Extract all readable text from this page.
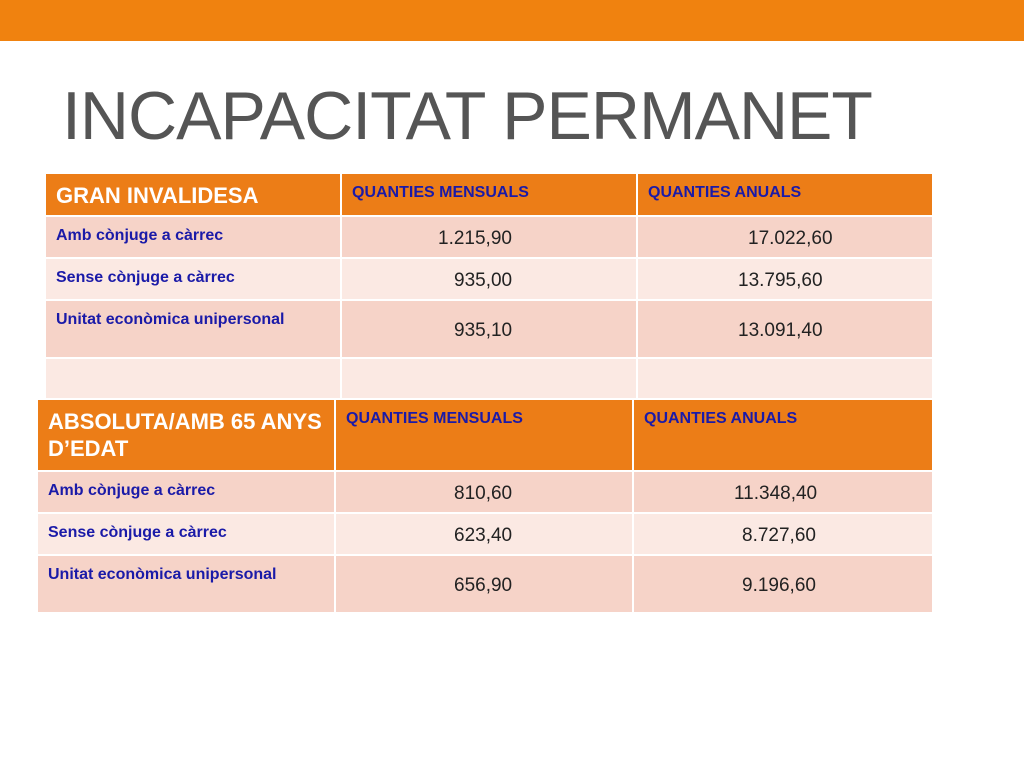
INCAPACITAT PERMANET
GRAN INVALIDESA	QUANTIES MENSUALS	QUANTIES ANUALS
Amb cònjuge a càrrec	1.215,90	17.022,60
Sense cònjuge a càrrec	935,00	13.795,60
Unitat econòmica unipersonal	935,10	13.091,40

ABSOLUTA/AMB 65 ANYS D’EDAT	QUANTIES MENSUALS	QUANTIES ANUALS
Amb cònjuge a càrrec	810,60	11.348,40
Sense cònjuge a càrrec	623,40	8.727,60
Unitat econòmica unipersonal	656,90	9.196,60
